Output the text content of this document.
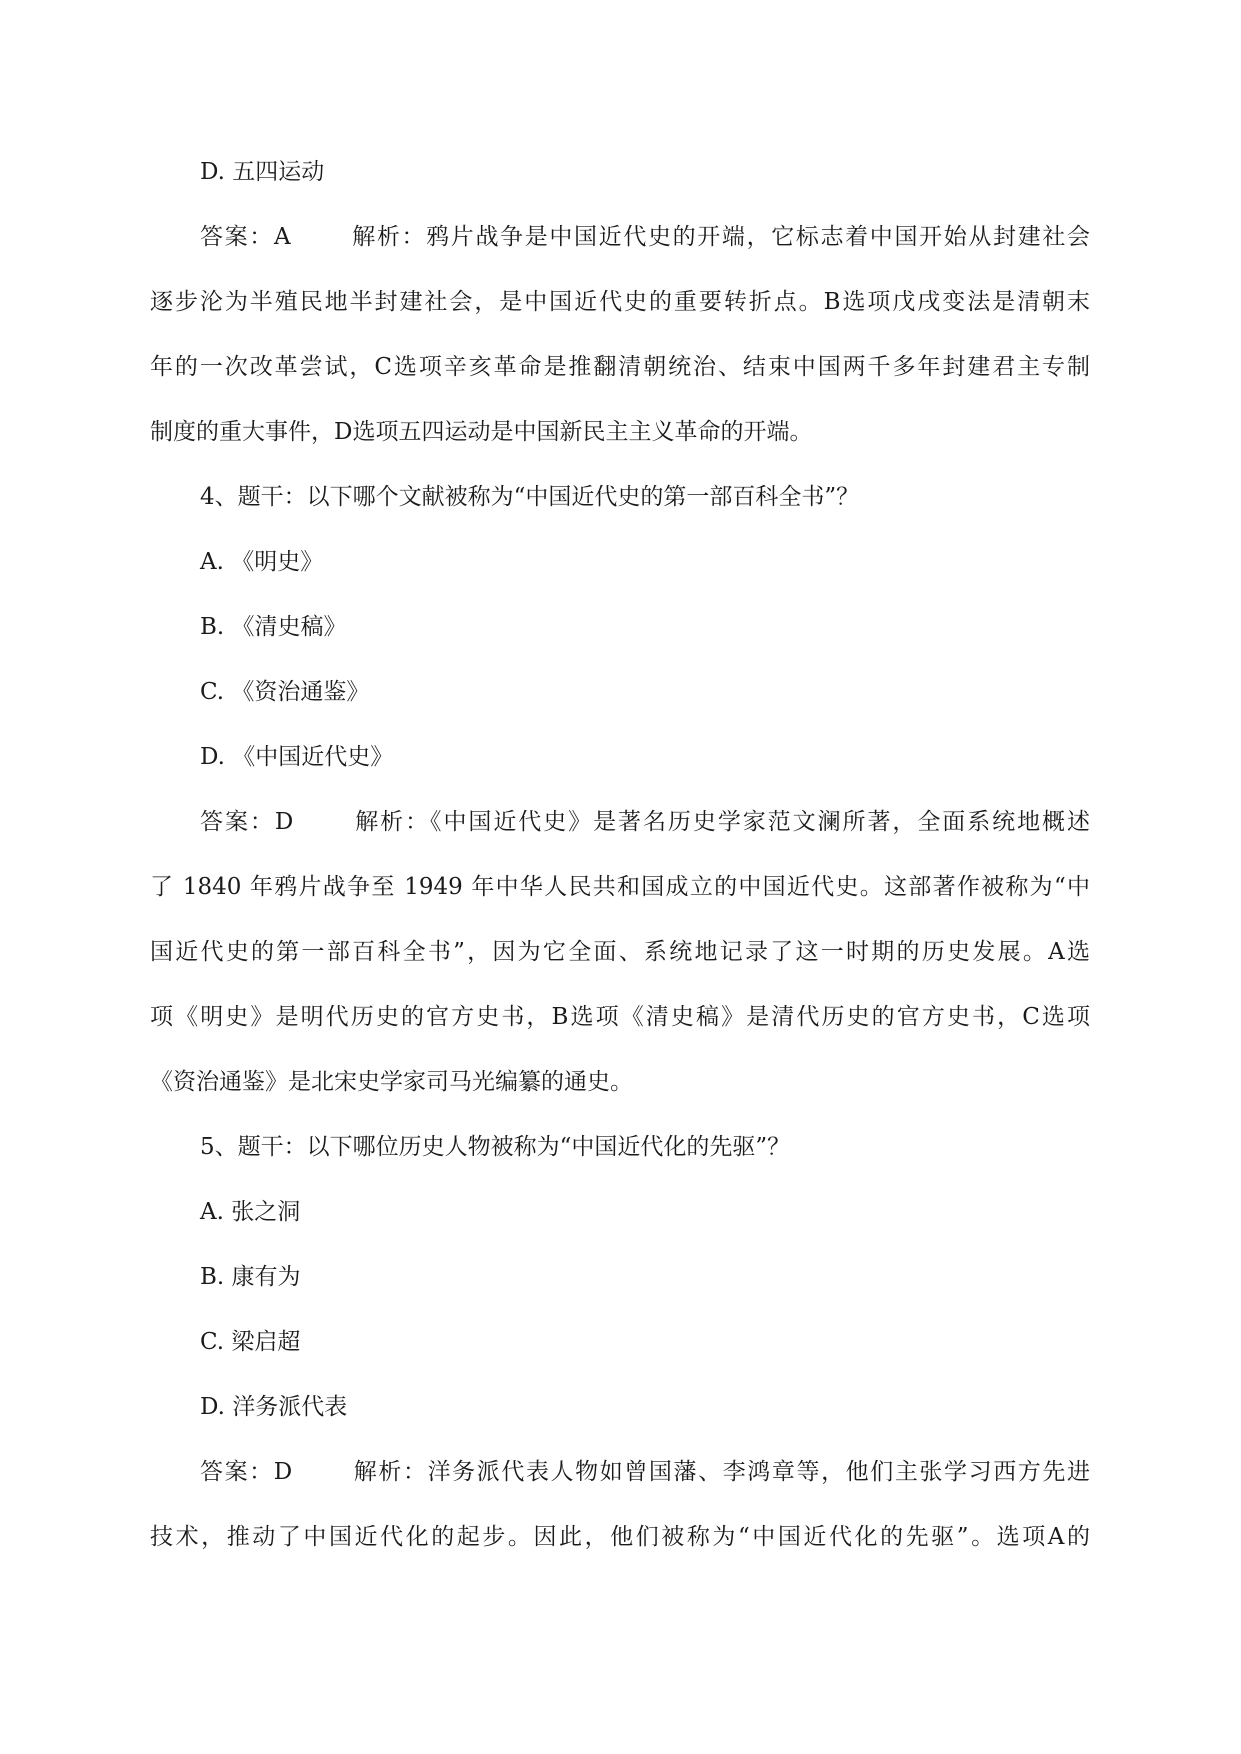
D. 五四运动
答案：A	解析：鸦片战争是中国近代史的开端，它标志着中国开始从封建社会
逐步沦为半殖民地半封建社会，是中国近代史的重要转折点。B选项戊戌变法是清朝末
年的一次改革尝试，C选项辛亥革命是推翻清朝统治、结束中国两千多年封建君主专制
制度的重大事件，D选项五四运动是中国新民主主义革命的开端。
4、题干：以下哪个文献被称为“中国近代史的第一部百科全书”？
A. 《明史》
B. 《清史稿》
C. 《资治通鉴》
D. 《中国近代史》
答案：D	解析：《中国近代史》是著名历史学家范文澜所著，全面系统地概述
了 1840 年鸦片战争至 1949 年中华人民共和国成立的中国近代史。这部著作被称为“中
国近代史的第一部百科全书”，因为它全面、系统地记录了这一时期的历史发展。A选
项《明史》是明代历史的官方史书，B选项《清史稿》是清代历史的官方史书，C选项
《资治通鉴》是北宋史学家司马光编纂的通史。
5、题干：以下哪位历史人物被称为“中国近代化的先驱”？
A. 张之洞
B. 康有为
C. 梁启超
D. 洋务派代表
答案：D	解析：洋务派代表人物如曾国藩、李鸿章等，他们主张学习西方先进
技术，推动了中国近代化的起步。因此，他们被称为“中国近代化的先驱”。选项A的
